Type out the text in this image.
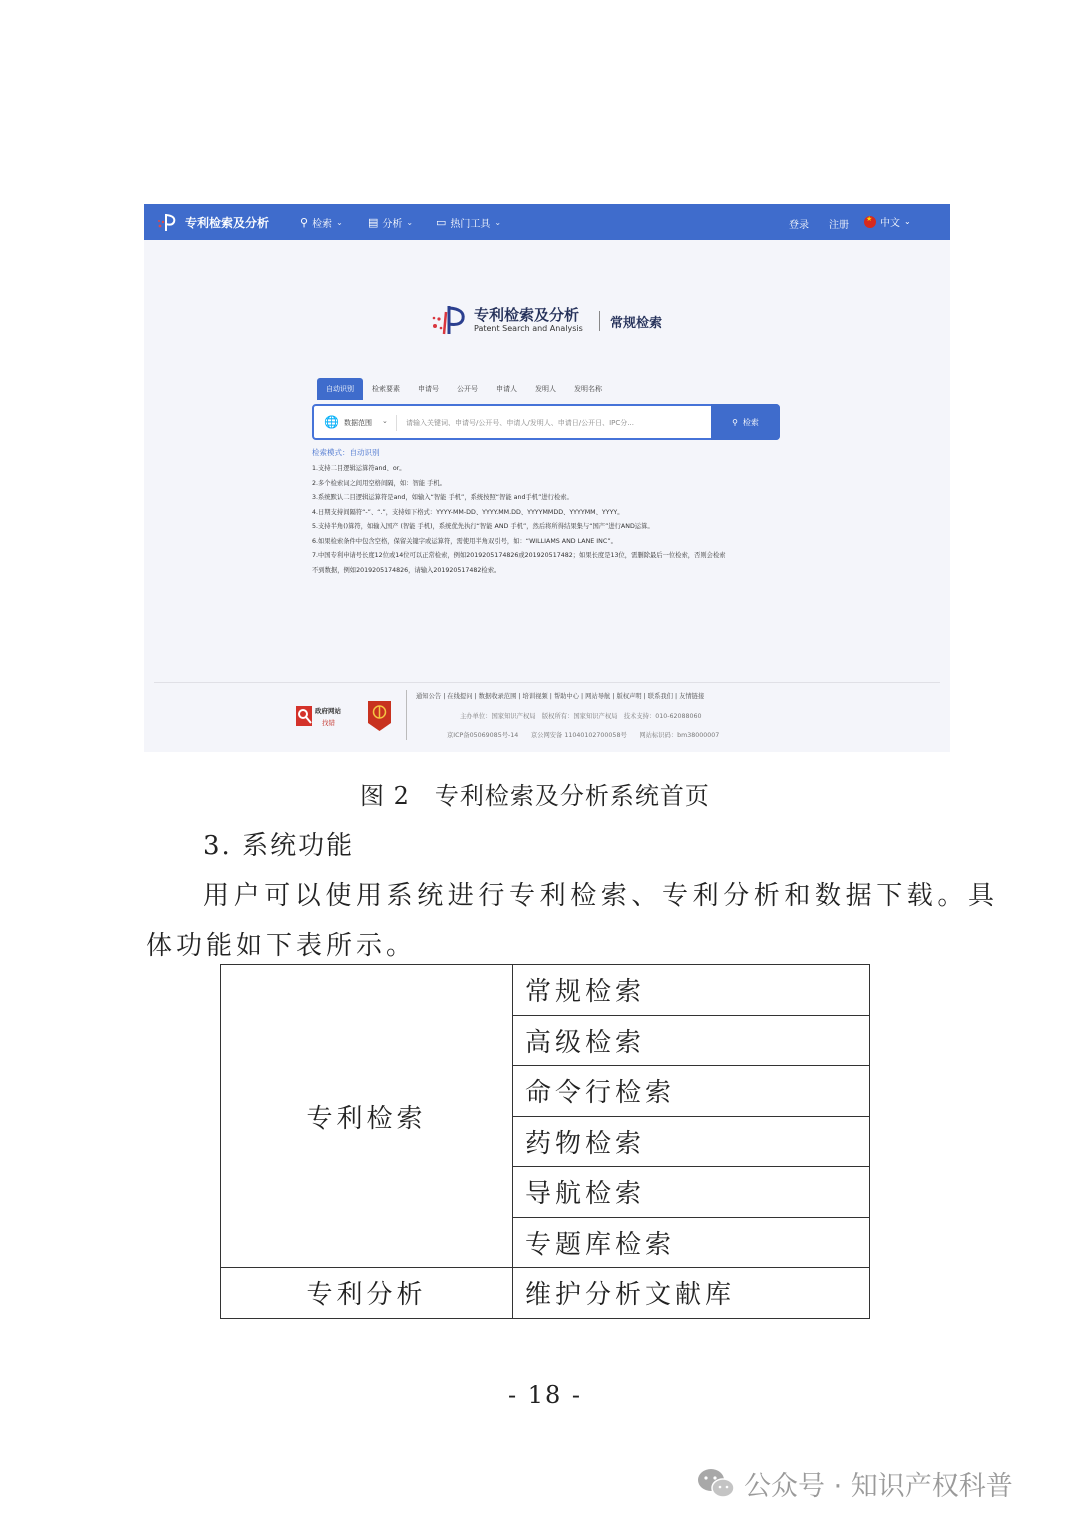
专利检索及分析	⚲ 检索 ⌄ ▤ 分析 ⌄ ▭ 热门工具 ⌄	登录 注册 ★	中文 ⌄
专利检索及分析
Patent Search and Analysis 常规检索
自动识别	检索要素	申请号	公开号	申请人	发明人	发明名称
🌐 数据范围 ⌄	请输入关键词、申请号/公开号、申请人/发明人、申请日/公开日、IPC分...	⚲ 检索
检索模式：自动识别
1.支持二目逻辑运算符and、or。
2.多个检索词之间用空格间隔，如：智能 手机。
3.系统默认二目逻辑运算符是and，如输入“智能 手机”，系统按照“智能 and手机”进行检索。
4.日期支持间隔符“-”、“.”，支持如下格式：YYYY-MM-DD、YYYY.MM.DD、YYYYMMDD、YYYYMM、YYYY。
5.支持半角()算符，如输入国产 (智能 手机)，系统优先执行“智能 AND 手机”，然后将所得结果集与“国产”进行AND运算。
6.如果检索条件中包含空格，保留关键字或运算符，需使用半角双引号，如：“WILLIAMS AND LANE INC”。
7.中国专利申请号长度12位或14位可以正常检索，例如2019205174826或201920517482；如果长度是13位，需删除最后一位检索，否则会检索
不到数据，例如2019205174826，请输入201920517482检索。
政府网站
找错
通知公告 | 在线提问 | 数据收录范围 | 培训视频 | 帮助中心 | 网站导航 | 版权声明 | 联系我们 | 友情链接
主办单位：国家知识产权局　版权所有：国家知识产权局　技术支持：010-62088060
京ICP备05069085号-14　　京公网安备 11040102700058号　　网站标识码：bm38000007
图 2　专利检索及分析系统首页
3. 系统功能
用户可以使用系统进行专利检索、专利分析和数据下载。具
体功能如下表所示。
专利检索	常规检索
	高级检索
	命令行检索
	药物检索
	导航检索
	专题库检索
专利分析	维护分析文献库
- 18 -
公众号 · 知识产权科普
